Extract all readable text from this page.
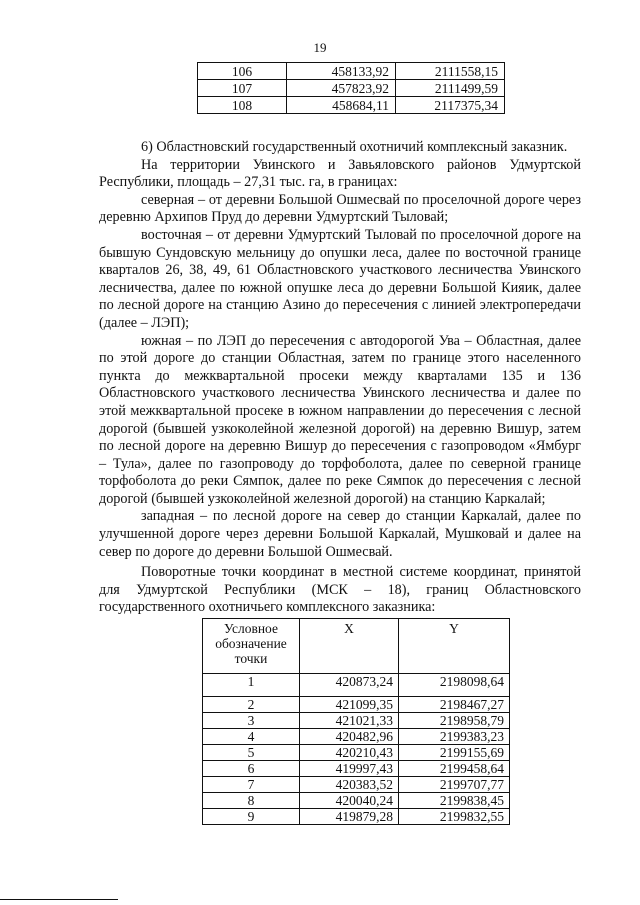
19
106	458133,92	2111558,15
107	457823,92	2111499,59
108	458684,11	2117375,34

6) Областновский государственный охотничий комплексный заказник.

На территории Увинского и Завьяловского районов Удмуртской Республики, площадь – 27,31 тыс. га, в границах:

северная – от деревни Большой Ошмесвай по проселочной дороге через деревню Архипов Пруд до деревни Удмуртский Тыловай;

восточная – от деревни Удмуртский Тыловай по проселочной дороге на бывшую Сундовскую мельницу до опушки леса, далее по восточной границе кварталов 26, 38, 49, 61 Областновского участкового лесничества Увинского лесничества, далее по южной опушке леса до деревни Большой Кияик, далее по лесной дороге на станцию Азино до пересечения с линией электропередачи (далее – ЛЭП);

южная – по ЛЭП до пересечения с автодорогой Ува – Областная, далее по этой дороге до станции Областная, затем по границе этого населенного пункта до межквартальной просеки между кварталами 135 и 136 Областновского участкового лесничества Увинского лесничества и далее по этой межквартальной просеке в южном направлении до пересечения с лесной дорогой (бывшей узкоколейной железной дорогой) на деревню Вишур, затем по лесной дороге на деревню Вишур до пересечения с газопроводом «Ямбург – Тула», далее по газопроводу до торфоболота, далее по северной границе торфоболота до реки Сямпок, далее по реке Сямпок до пересечения с лесной дорогой (бывшей узкоколейной железной дорогой) на станцию Каркалай;

западная – по лесной дороге на север до станции Каркалай, далее по улучшенной дороге через деревни Большой Каркалай, Мушковай и далее на север по дороге до деревни Большой Ошмесвай.

Поворотные точки координат в местной системе координат, принятой для Удмуртской Республики (МСК – 18), границ Областновского государственного охотничьего комплексного заказника:

Условное обозначение точки	X	Y
1	420873,24	2198098,64
2	421099,35	2198467,27
3	421021,33	2198958,79
4	420482,96	2199383,23
5	420210,43	2199155,69
6	419997,43	2199458,64
7	420383,52	2199707,77
8	420040,24	2199838,45
9	419879,28	2199832,55
